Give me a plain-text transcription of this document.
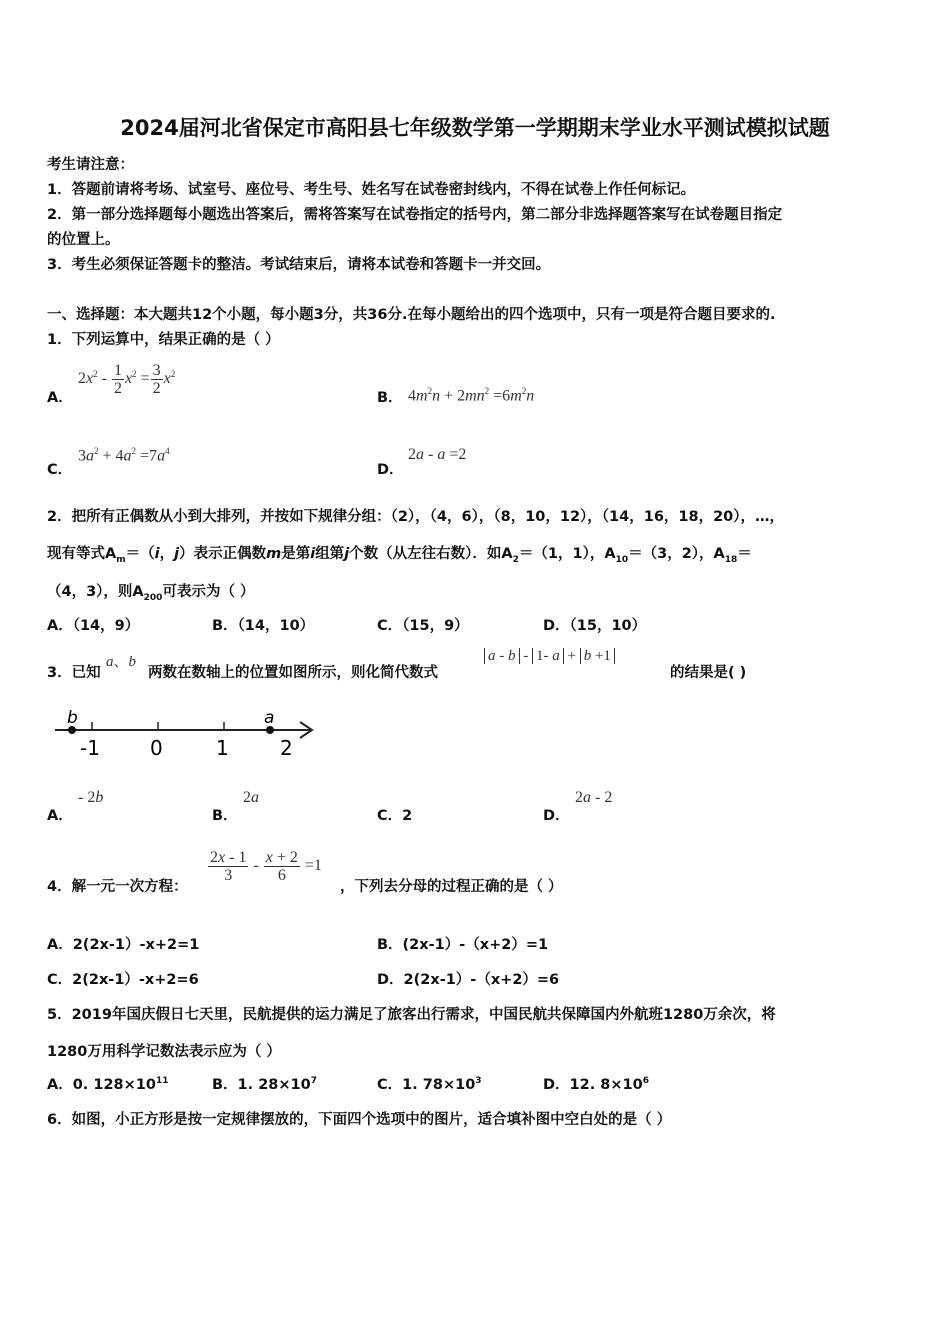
2024届河北省保定市高阳县七年级数学第一学期期末学业水平测试模拟试题
考生请注意：
1．答题前请将考场、试室号、座位号、考生号、姓名写在试卷密封线内，不得在试卷上作任何标记。
2．第一部分选择题每小题选出答案后，需将答案写在试卷指定的括号内，第二部分非选择题答案写在试卷题目指定
的位置上。
3．考生必须保证答题卡的整洁。考试结束后，请将本试卷和答题卡一并交回。
一、选择题：本大题共12个小题，每小题3分，共36分.在每小题给出的四个选项中，只有一项是符合题目要求的.
1．下列运算中，结果正确的是（ ）
A．
$2x^2 - \frac{1}{2} x^2 = \frac{3}{2} x^2$
B． $4m^2n + 2mn^2 =6m^2n$
C．
$3a^2 + 4a^2 =7a^4$
D．
2a - a =2
2．把所有正偶数从小到大排列，并按如下规律分组：（2），（4，6），（8，10，12），（14，16，18，20），…，
现有等式$A_m=(i$，j）表示正偶数m是第i组第j个数（从左往右数）．如$A_2=(1$，1），$A_{10}=(3$，2），$A_{18}=$
（4，3），则$A_{200}$可表示为（ ）
A．（14，9）	B．（14，10）	C．（15，9）	D．（15，10）
3．已知
a、b
两数在数轴上的位置如图所示，则化简代数式
a - b - 1- a + b +1
的结果是( )
b	a
-1	0	1	2
A．
- 2b
B．
2a
C．2	D．
2a - 2
4．解一元一次方程：
$\frac{2x - 1}{3} - \frac{x + 2}{6} =1$
，下列去分母的过程正确的是（ ）
A．2(2x-1）-x+2=1	B．(2x-1）-（x+2）=1
C．2(2x-1）-x+2=6	D．2(2x-1）-（x+2）=6
5．2019年国庆假日七天里，民航提供的运力满足了旅客出行需求，中国民航共保障国内外航班1280万余次，将
1280万用科学记数法表示应为（ ）
A．0. $128\times 10^{11}$	B．1. $28\times 10^7$	C．1. $78\times 10^3$	D．12. $8\times 10^6$
6．如图，小正方形是按一定规律摆放的，下面四个选项中的图片，适合填补图中空白处的是（ ）
